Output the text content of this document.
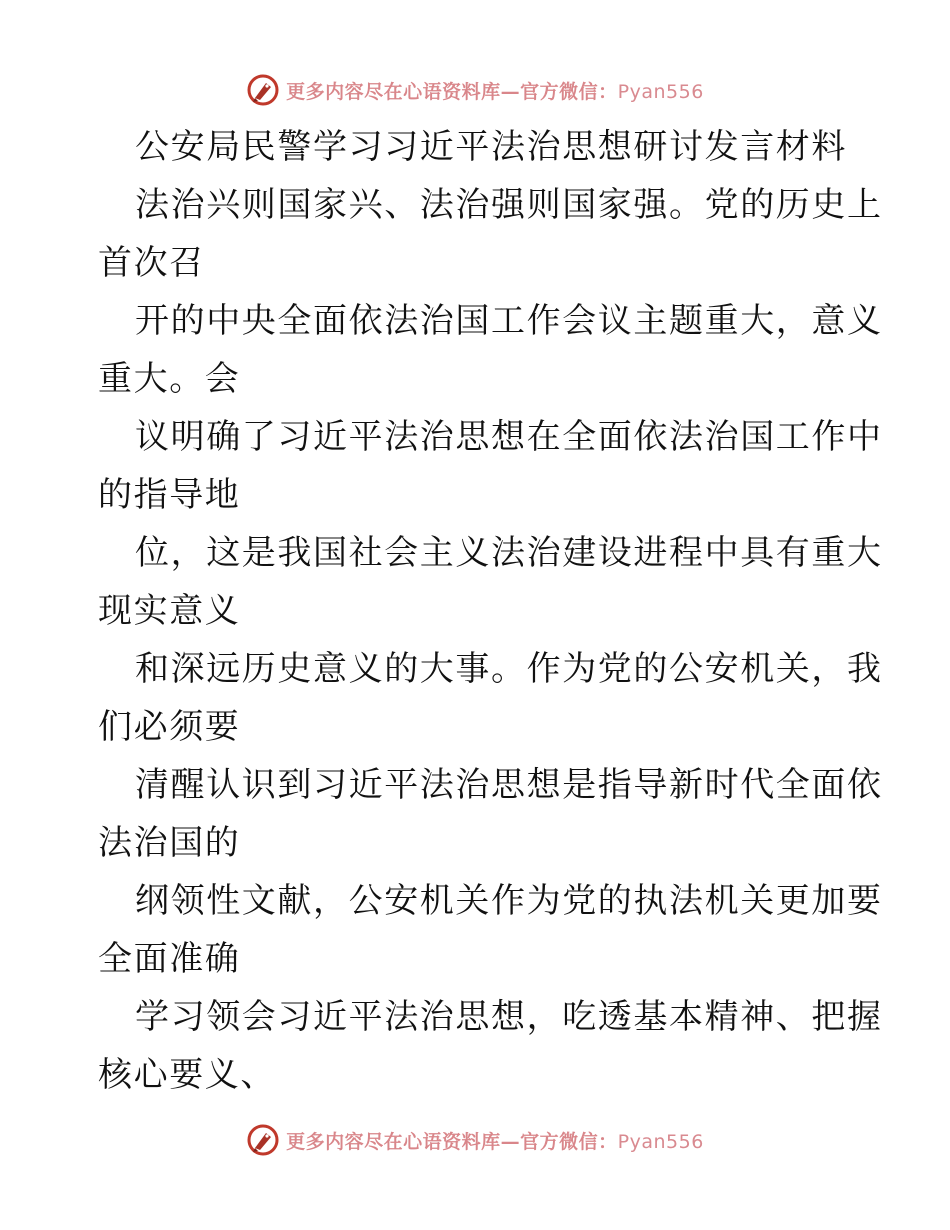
更多内容尽在心语资料库—官方微信：Pyan556
公安局民警学习习近平法治思想研讨发言材料
法治兴则国家兴、法治强则国家强。党的历史上
首次召
开的中央全面依法治国工作会议主题重大，意义
重大。会
议明确了习近平法治思想在全面依法治国工作中
的指导地
位，这是我国社会主义法治建设进程中具有重大
现实意义
和深远历史意义的大事。作为党的公安机关，我
们必须要
清醒认识到习近平法治思想是指导新时代全面依
法治国的
纲领性文献，公安机关作为党的执法机关更加要
全面准确
学习领会习近平法治思想，吃透基本精神、把握
核心要义、
更多内容尽在心语资料库—官方微信：Pyan556
